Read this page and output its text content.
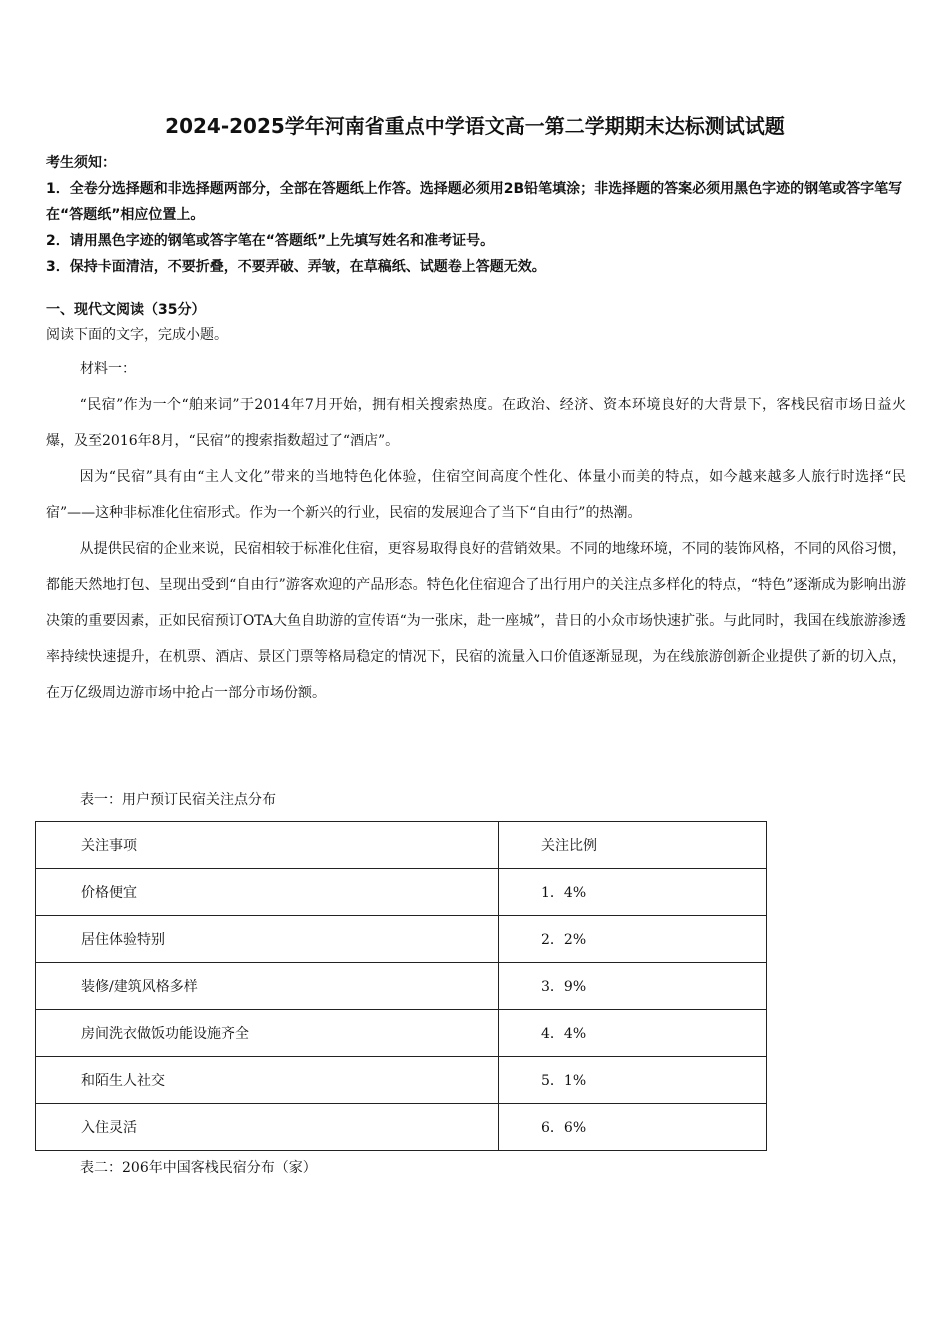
2024-2025学年河南省重点中学语文高一第二学期期末达标测试试题

考生须知：

1．全卷分选择题和非选择题两部分，全部在答题纸上作答。选择题必须用2B铅笔填涂；非选择题的答案必须用黑色字迹的钢笔或答字笔写在“答题纸”相应位置上。

2．请用黑色字迹的钢笔或答字笔在“答题纸”上先填写姓名和准考证号。

3．保持卡面清洁，不要折叠，不要弄破、弄皱，在草稿纸、试题卷上答题无效。

一、现代文阅读（35分）
阅读下面的文字，完成小题。
材料一：

“民宿”作为一个“舶来词”于2014年7月开始，拥有相关搜索热度。在政治、经济、资本环境良好的大背景下，客栈民宿市场日益火爆，及至2016年8月，“民宿”的搜索指数超过了“酒店”。

因为“民宿”具有由“主人文化”带来的当地特色化体验，住宿空间高度个性化、体量小而美的特点，如今越来越多人旅行时选择“民宿”——这种非标准化住宿形式。作为一个新兴的行业，民宿的发展迎合了当下“自由行”的热潮。

从提供民宿的企业来说，民宿相较于标准化住宿，更容易取得良好的营销效果。不同的地缘环境，不同的装饰风格，不同的风俗习惯，都能天然地打包、呈现出受到“自由行”游客欢迎的产品形态。特色化住宿迎合了出行用户的关注点多样化的特点，“特色”逐渐成为影响出游决策的重要因素，正如民宿预订OTA大鱼自助游的宣传语“为一张床，赴一座城”，昔日的小众市场快速扩张。与此同时，我国在线旅游渗透率持续快速提升，在机票、酒店、景区门票等格局稳定的情况下，民宿的流量入口价值逐渐显现，为在线旅游创新企业提供了新的切入点，在万亿级周边游市场中抢占一部分市场份额。

表一：用户预订民宿关注点分布
关注事项	关注比例
价格便宜	1．4%
居住体验特别	2．2%
装修/建筑风格多样	3．9%
房间洗衣做饭功能设施齐全	4．4%
和陌生人社交	5．1%
入住灵活	6．6%
表二：206年中国客栈民宿分布（家）
